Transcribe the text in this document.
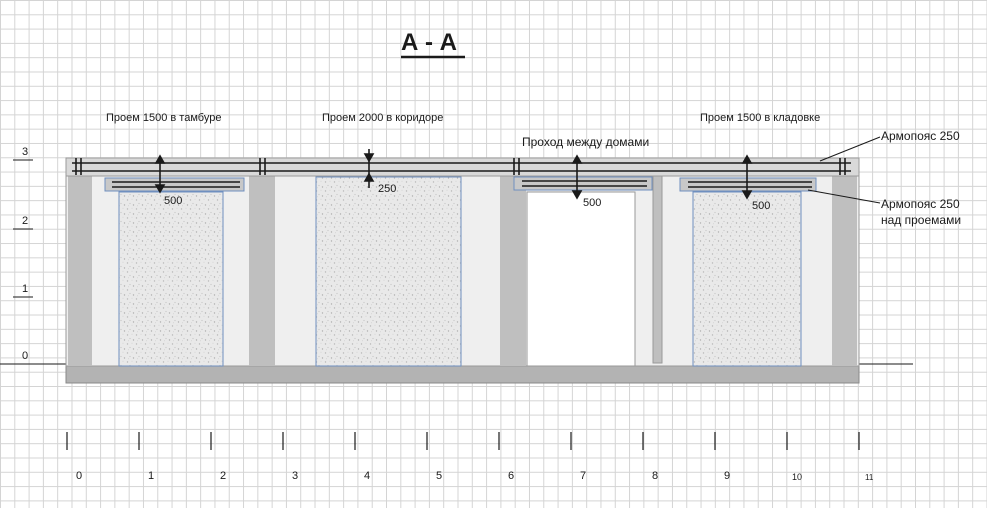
А - А
Проем 1500 в тамбуре	Проем 2000 в коридоре
Проход между домами
Проем 1500 в кладовке
Армопояс 250
Армопояс 250
над проемами
500
250
500	500
3
2
1
0
0	1	2	3	4	5	6	7	8	9	10	11
